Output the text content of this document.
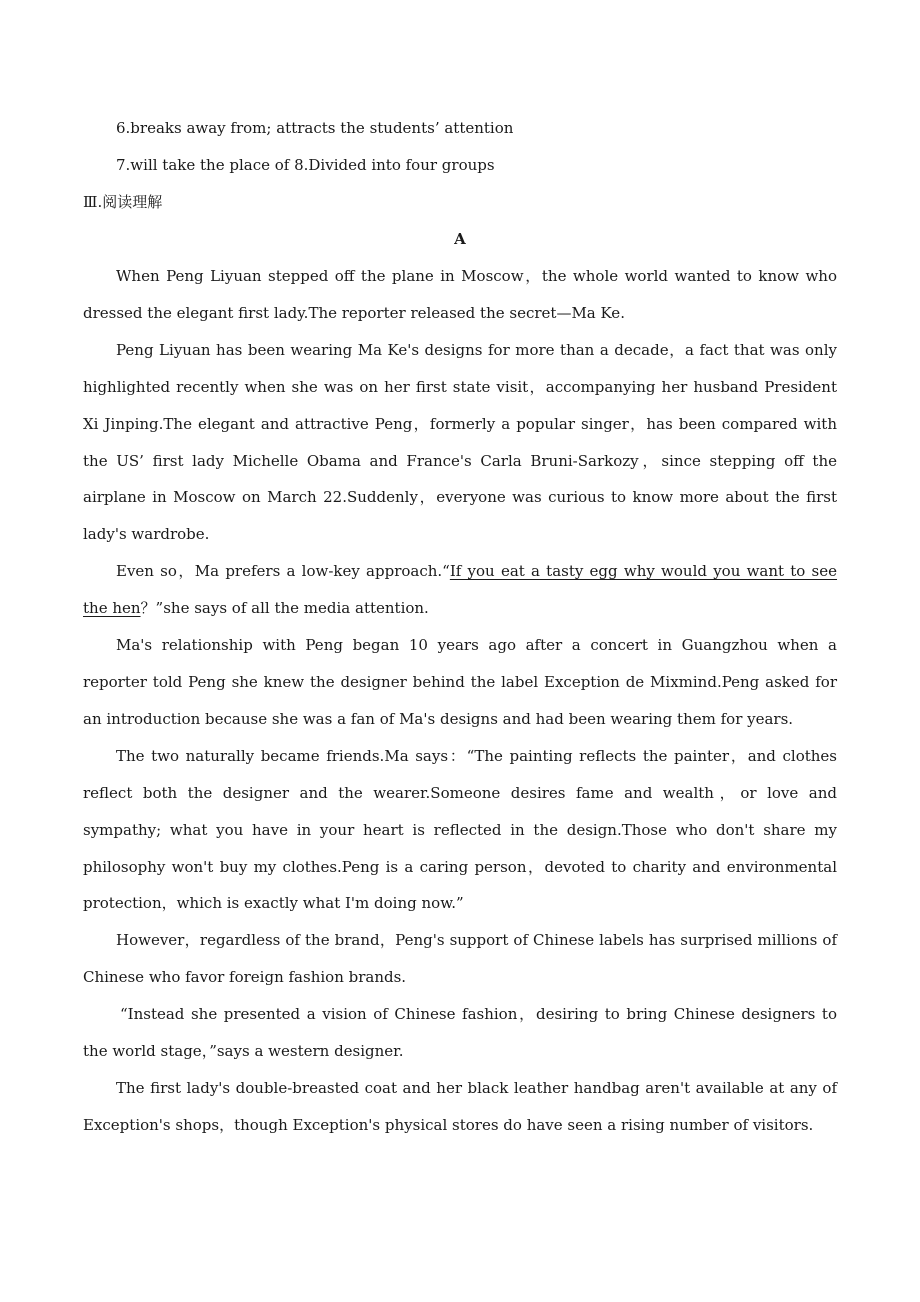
6.breaks away from; attracts the students’ attention
7.will take the place of 8.Divided into four groups
Ⅲ.阅读理解
A

When Peng Liyuan stepped off the plane in Moscow，the whole world wanted to know who dressed the elegant first lady.The reporter released the secret—Ma Ke.

Peng Liyuan has been wearing Ma Ke's designs for more than a decade，a fact that was only highlighted recently when she was on her first state visit，accompanying her husband President Xi Jinping.The elegant and attractive Peng，formerly a popular singer，has been compared with the US’ first lady Michelle Obama and France's Carla Bruni-Sarkozy，since stepping off the airplane in Moscow on March 22.Suddenly，everyone was curious to know more about the first lady's wardrobe.

Even so，Ma prefers a low-key approach.“If you eat a tasty egg why would you want to see the hen？”she says of all the media attention.

Ma's relationship with Peng began 10 years ago after a concert in Guangzhou when a reporter told Peng she knew the designer behind the label Exception de Mixmind.Peng asked for an introduction because she was a fan of Ma's designs and had been wearing them for years.

The two naturally became friends.Ma says：“The painting reflects the painter，and clothes reflect both the designer and the wearer.Someone desires fame and wealth，or love and sympathy; what you have in your heart is reflected in the design.Those who don't share my philosophy won't buy my clothes.Peng is a caring person，devoted to charity and environmental protection，which is exactly what I'm doing now.”

However，regardless of the brand，Peng's support of Chinese labels has surprised millions of Chinese who favor foreign fashion brands.

“Instead she presented a vision of Chinese fashion，desiring to bring Chinese designers to the world stage，”says a western designer.

The first lady's double-breasted coat and her black leather handbag aren't available at any of Exception's shops，though Exception's physical stores do have seen a rising number of visitors.
